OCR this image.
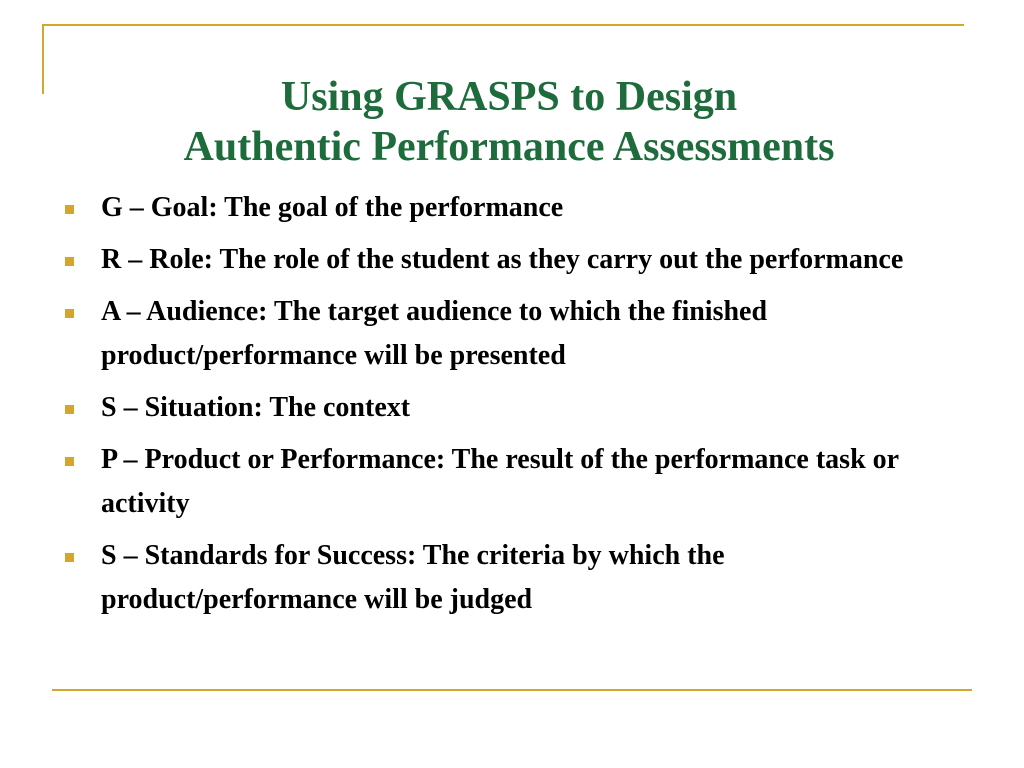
Using GRASPS to Design
Authentic Performance Assessments
G – Goal: The goal of the performance
R – Role: The role of the student as they carry out the performance
A – Audience: The target audience to which the finished product/performance will be presented
S – Situation: The context
P – Product or Performance: The result of the performance task or activity
S – Standards for Success: The criteria by which the product/performance will be judged
